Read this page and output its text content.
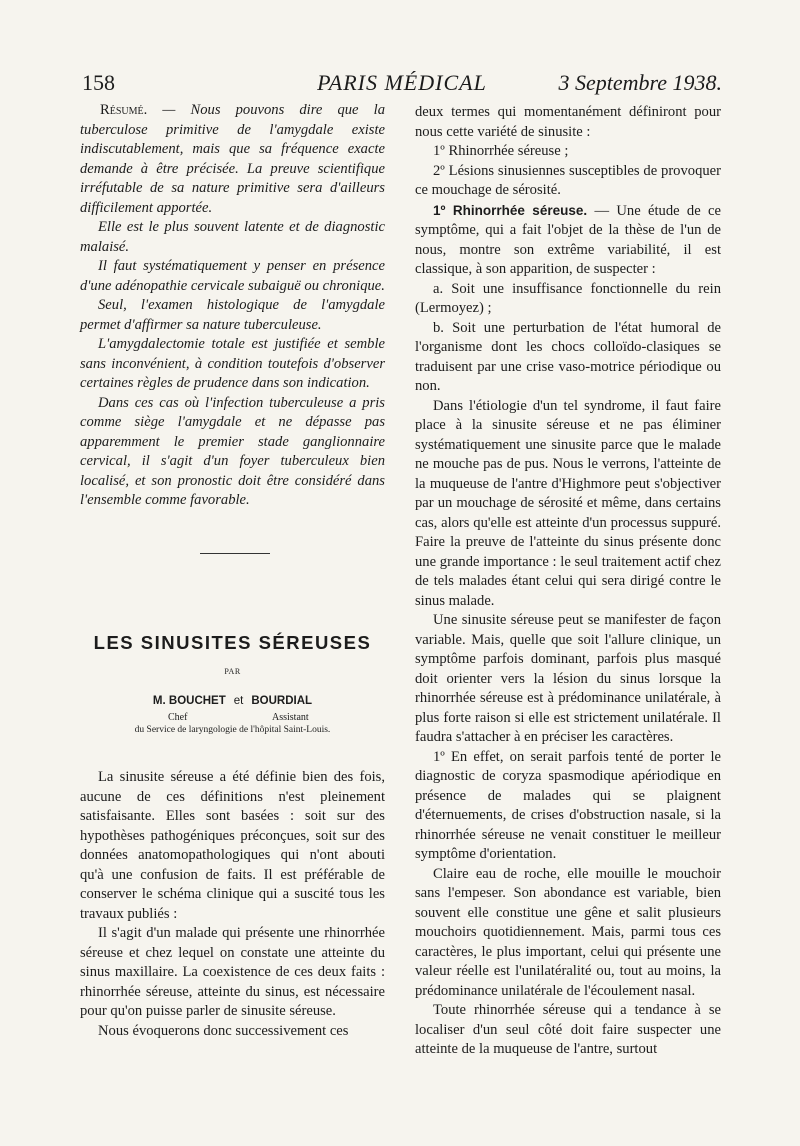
158	PARIS MÉDICAL	3 Septembre 1938.

Résumé. — Nous pouvons dire que la tuberculose primitive de l'amygdale existe indiscutablement, mais que sa fréquence exacte demande à être précisée. La preuve scientifique irréfutable de sa nature primitive sera d'ailleurs difficilement apportée.

Elle est le plus souvent latente et de diagnostic malaisé.

Il faut systématiquement y penser en présence d'une adénopathie cervicale subaiguë ou chronique.

Seul, l'examen histologique de l'amygdale permet d'affirmer sa nature tuberculeuse.

L'amygdalectomie totale est justifiée et semble sans inconvénient, à condition toutefois d'observer certaines règles de prudence dans son indication.

Dans ces cas où l'infection tuberculeuse a pris comme siège l'amygdale et ne dépasse pas apparemment le premier stade ganglionnaire cervical, il s'agit d'un foyer tuberculeux bien localisé, et son pronostic doit être considéré dans l'ensemble comme favorable.

LES SINUSITES SÉREUSES
PAR
M. BOUCHET et BOURDIAL
Chef	Assistant
du Service de laryngologie de l'hôpital Saint-Louis.

La sinusite séreuse a été définie bien des fois, aucune de ces définitions n'est pleinement satisfaisante. Elles sont basées : soit sur des hypothèses pathogéniques préconçues, soit sur des données anatomopathologiques qui n'ont abouti qu'à une confusion de faits. Il est préférable de conserver le schéma clinique qui a suscité tous les travaux publiés :

Il s'agit d'un malade qui présente une rhinorrhée séreuse et chez lequel on constate une atteinte du sinus maxillaire. La coexistence de ces deux faits : rhinorrhée séreuse, atteinte du sinus, est nécessaire pour qu'on puisse parler de sinusite séreuse.

Nous évoquerons donc successivement ces

deux termes qui momentanément définiront pour nous cette variété de sinusite :

1º Rhinorrhée séreuse ;

2º Lésions sinusiennes susceptibles de provoquer ce mouchage de sérosité.

1º Rhinorrhée séreuse. — Une étude de ce symptôme, qui a fait l'objet de la thèse de l'un de nous, montre son extrême variabilité, il est classique, à son apparition, de suspecter :

a. Soit une insuffisance fonctionnelle du rein (Lermoyez) ;

b. Soit une perturbation de l'état humoral de l'organisme dont les chocs colloïdo-clasiques se traduisent par une crise vaso-motrice périodique ou non.

Dans l'étiologie d'un tel syndrome, il faut faire place à la sinusite séreuse et ne pas éliminer systématiquement une sinusite parce que le malade ne mouche pas de pus. Nous le verrons, l'atteinte de la muqueuse de l'antre d'Highmore peut s'objectiver par un mouchage de sérosité et même, dans certains cas, alors qu'elle est atteinte d'un processus suppuré. Faire la preuve de l'atteinte du sinus présente donc une grande importance : le seul traitement actif chez de tels malades étant celui qui sera dirigé contre le sinus malade.

Une sinusite séreuse peut se manifester de façon variable. Mais, quelle que soit l'allure clinique, un symptôme parfois dominant, parfois plus masqué doit orienter vers la lésion du sinus lorsque la rhinorrhée séreuse est à prédominance unilatérale, à plus forte raison si elle est strictement unilatérale. Il faudra s'attacher à en préciser les caractères.

1º En effet, on serait parfois tenté de porter le diagnostic de coryza spasmodique apériodique en présence de malades qui se plaignent d'éternuements, de crises d'obstruction nasale, si la rhinorrhée séreuse ne venait constituer le meilleur symptôme d'orientation.

Claire eau de roche, elle mouille le mouchoir sans l'empeser. Son abondance est variable, bien souvent elle constitue une gêne et salit plusieurs mouchoirs quotidiennement. Mais, parmi tous ces caractères, le plus important, celui qui présente une valeur réelle est l'unilatéralité ou, tout au moins, la prédominance unilatérale de l'écoulement nasal.

Toute rhinorrhée séreuse qui a tendance à se localiser d'un seul côté doit faire suspecter une atteinte de la muqueuse de l'antre, surtout
